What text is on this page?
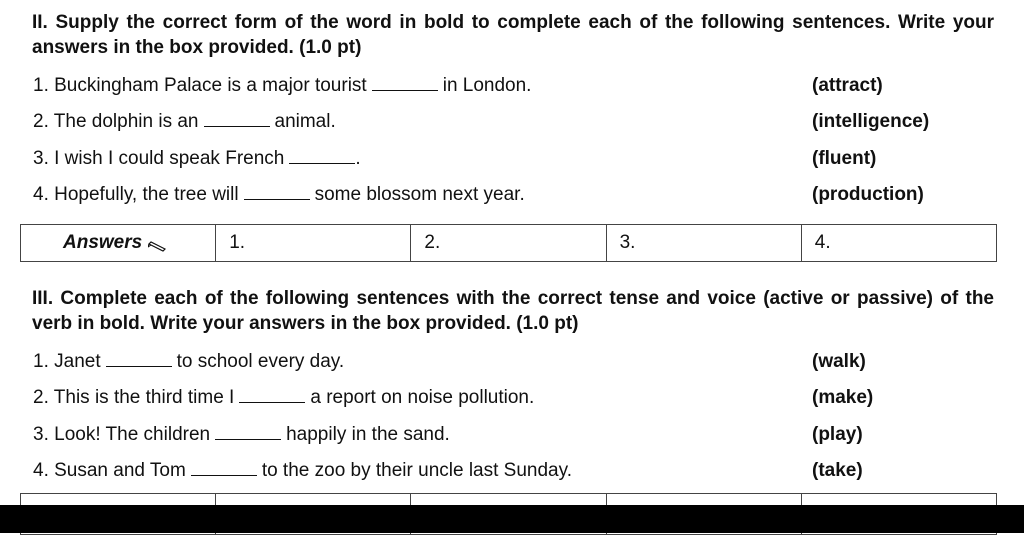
II. Supply the correct form of the word in bold to complete each of the following sentences. Write your answers in the box provided. (1.0 pt)
1. Buckingham Palace is a major tourist	in London.	(attract)
2. The dolphin is an	animal.	(intelligence)
3. I wish I could speak French	.	(fluent)
4. Hopefully, the tree will	some blossom next year.	(production)
Answers	1.	2.	3.	4.
III. Complete each of the following sentences with the correct tense and voice (active or passive) of the verb in bold. Write your answers in the box provided. (1.0 pt)
1. Janet	to school every day.	(walk)
2. This is the third time I	a report on noise pollution.	(make)
3. Look! The children	happily in the sand.	(play)
4. Susan and Tom	to the zoo by their uncle last Sunday.	(take)
